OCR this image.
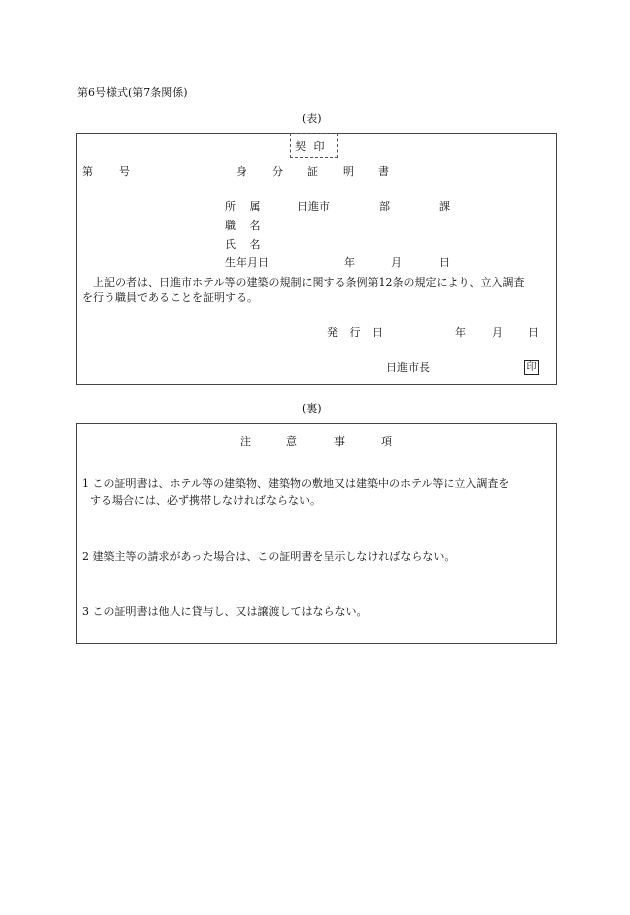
第6号様式(第7条関係)
(表)
契 印
第 号	身 分 証 明 書
所 属	日進市	部	課
職 名
氏 名
生年月日	年	月	日
上記の者は、日進市ホテル等の建築の規制に関する条例第12条の規定により、立入調査
を行う職員であることを証明する。
発 行 日	年 月 日
日進市長	印
(裏)
注	意	事	項
1 この証明書は、ホテル等の建築物、建築物の敷地又は建築中のホテル等に立入調査を
する場合には、必ず携帯しなければならない。
2 建築主等の請求があった場合は、この証明書を呈示しなければならない。
3 この証明書は他人に貸与し、又は譲渡してはならない。
